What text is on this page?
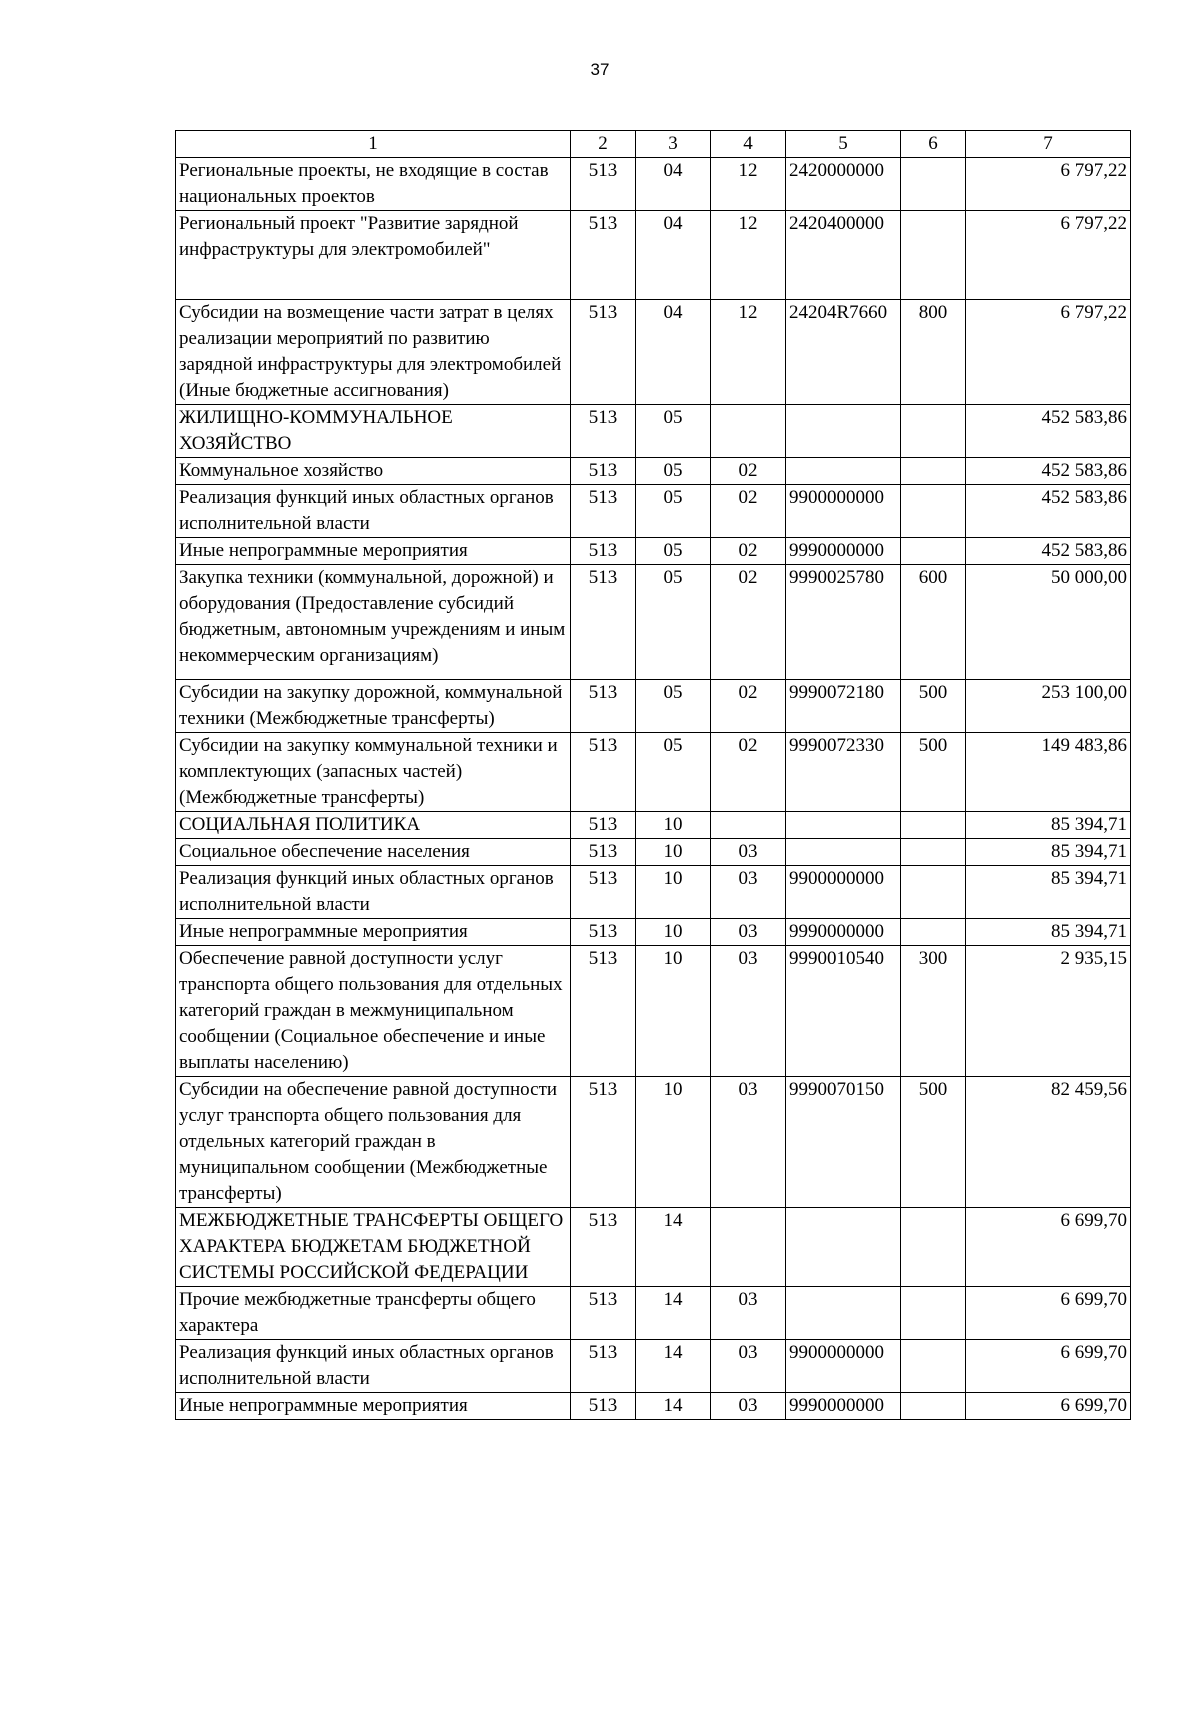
37
1	2	3	4	5	6	7
Региональные проекты, не входящие в состав национальных проектов	513	04	12	2420000000		6 797,22
Региональный проект "Развитие зарядной инфраструктуры для электромобилей"	513	04	12	2420400000		6 797,22
Субсидии на возмещение части затрат в целях реализации мероприятий по развитию зарядной инфраструктуры для электромобилей (Иные бюджетные ассигнования)	513	04	12	24204R7660	800	6 797,22
ЖИЛИЩНО-КОММУНАЛЬНОЕ ХОЗЯЙСТВО	513	05				452 583,86
Коммунальное хозяйство	513	05	02			452 583,86
Реализация функций иных областных органов исполнительной власти	513	05	02	9900000000		452 583,86
Иные непрограммные мероприятия	513	05	02	9990000000		452 583,86
Закупка техники (коммунальной, дорожной) и оборудования (Предоставление субсидий бюджетным, автономным учреждениям и иным некоммерческим организациям)	513	05	02	9990025780	600	50 000,00
Субсидии на закупку дорожной, коммунальной техники (Межбюджетные трансферты)	513	05	02	9990072180	500	253 100,00
Субсидии на закупку коммунальной техники и комплектующих (запасных частей) (Межбюджетные трансферты)	513	05	02	9990072330	500	149 483,86
СОЦИАЛЬНАЯ ПОЛИТИКА	513	10				85 394,71
Социальное обеспечение населения	513	10	03			85 394,71
Реализация функций иных областных органов исполнительной власти	513	10	03	9900000000		85 394,71
Иные непрограммные мероприятия	513	10	03	9990000000		85 394,71
Обеспечение равной доступности услуг транспорта общего пользования для отдельных категорий граждан в межмуниципальном сообщении (Социальное обеспечение и иные выплаты населению)	513	10	03	9990010540	300	2 935,15
Субсидии на обеспечение равной доступности услуг транспорта общего пользования для отдельных категорий граждан в муниципальном сообщении (Межбюджетные трансферты)	513	10	03	9990070150	500	82 459,56
МЕЖБЮДЖЕТНЫЕ ТРАНСФЕРТЫ ОБЩЕГО ХАРАКТЕРА БЮДЖЕТАМ БЮДЖЕТНОЙ СИСТЕМЫ РОССИЙСКОЙ ФЕДЕРАЦИИ	513	14				6 699,70
Прочие межбюджетные трансферты общего характера	513	14	03			6 699,70
Реализация функций иных областных органов исполнительной власти	513	14	03	9900000000		6 699,70
Иные непрограммные мероприятия	513	14	03	9990000000		6 699,70
